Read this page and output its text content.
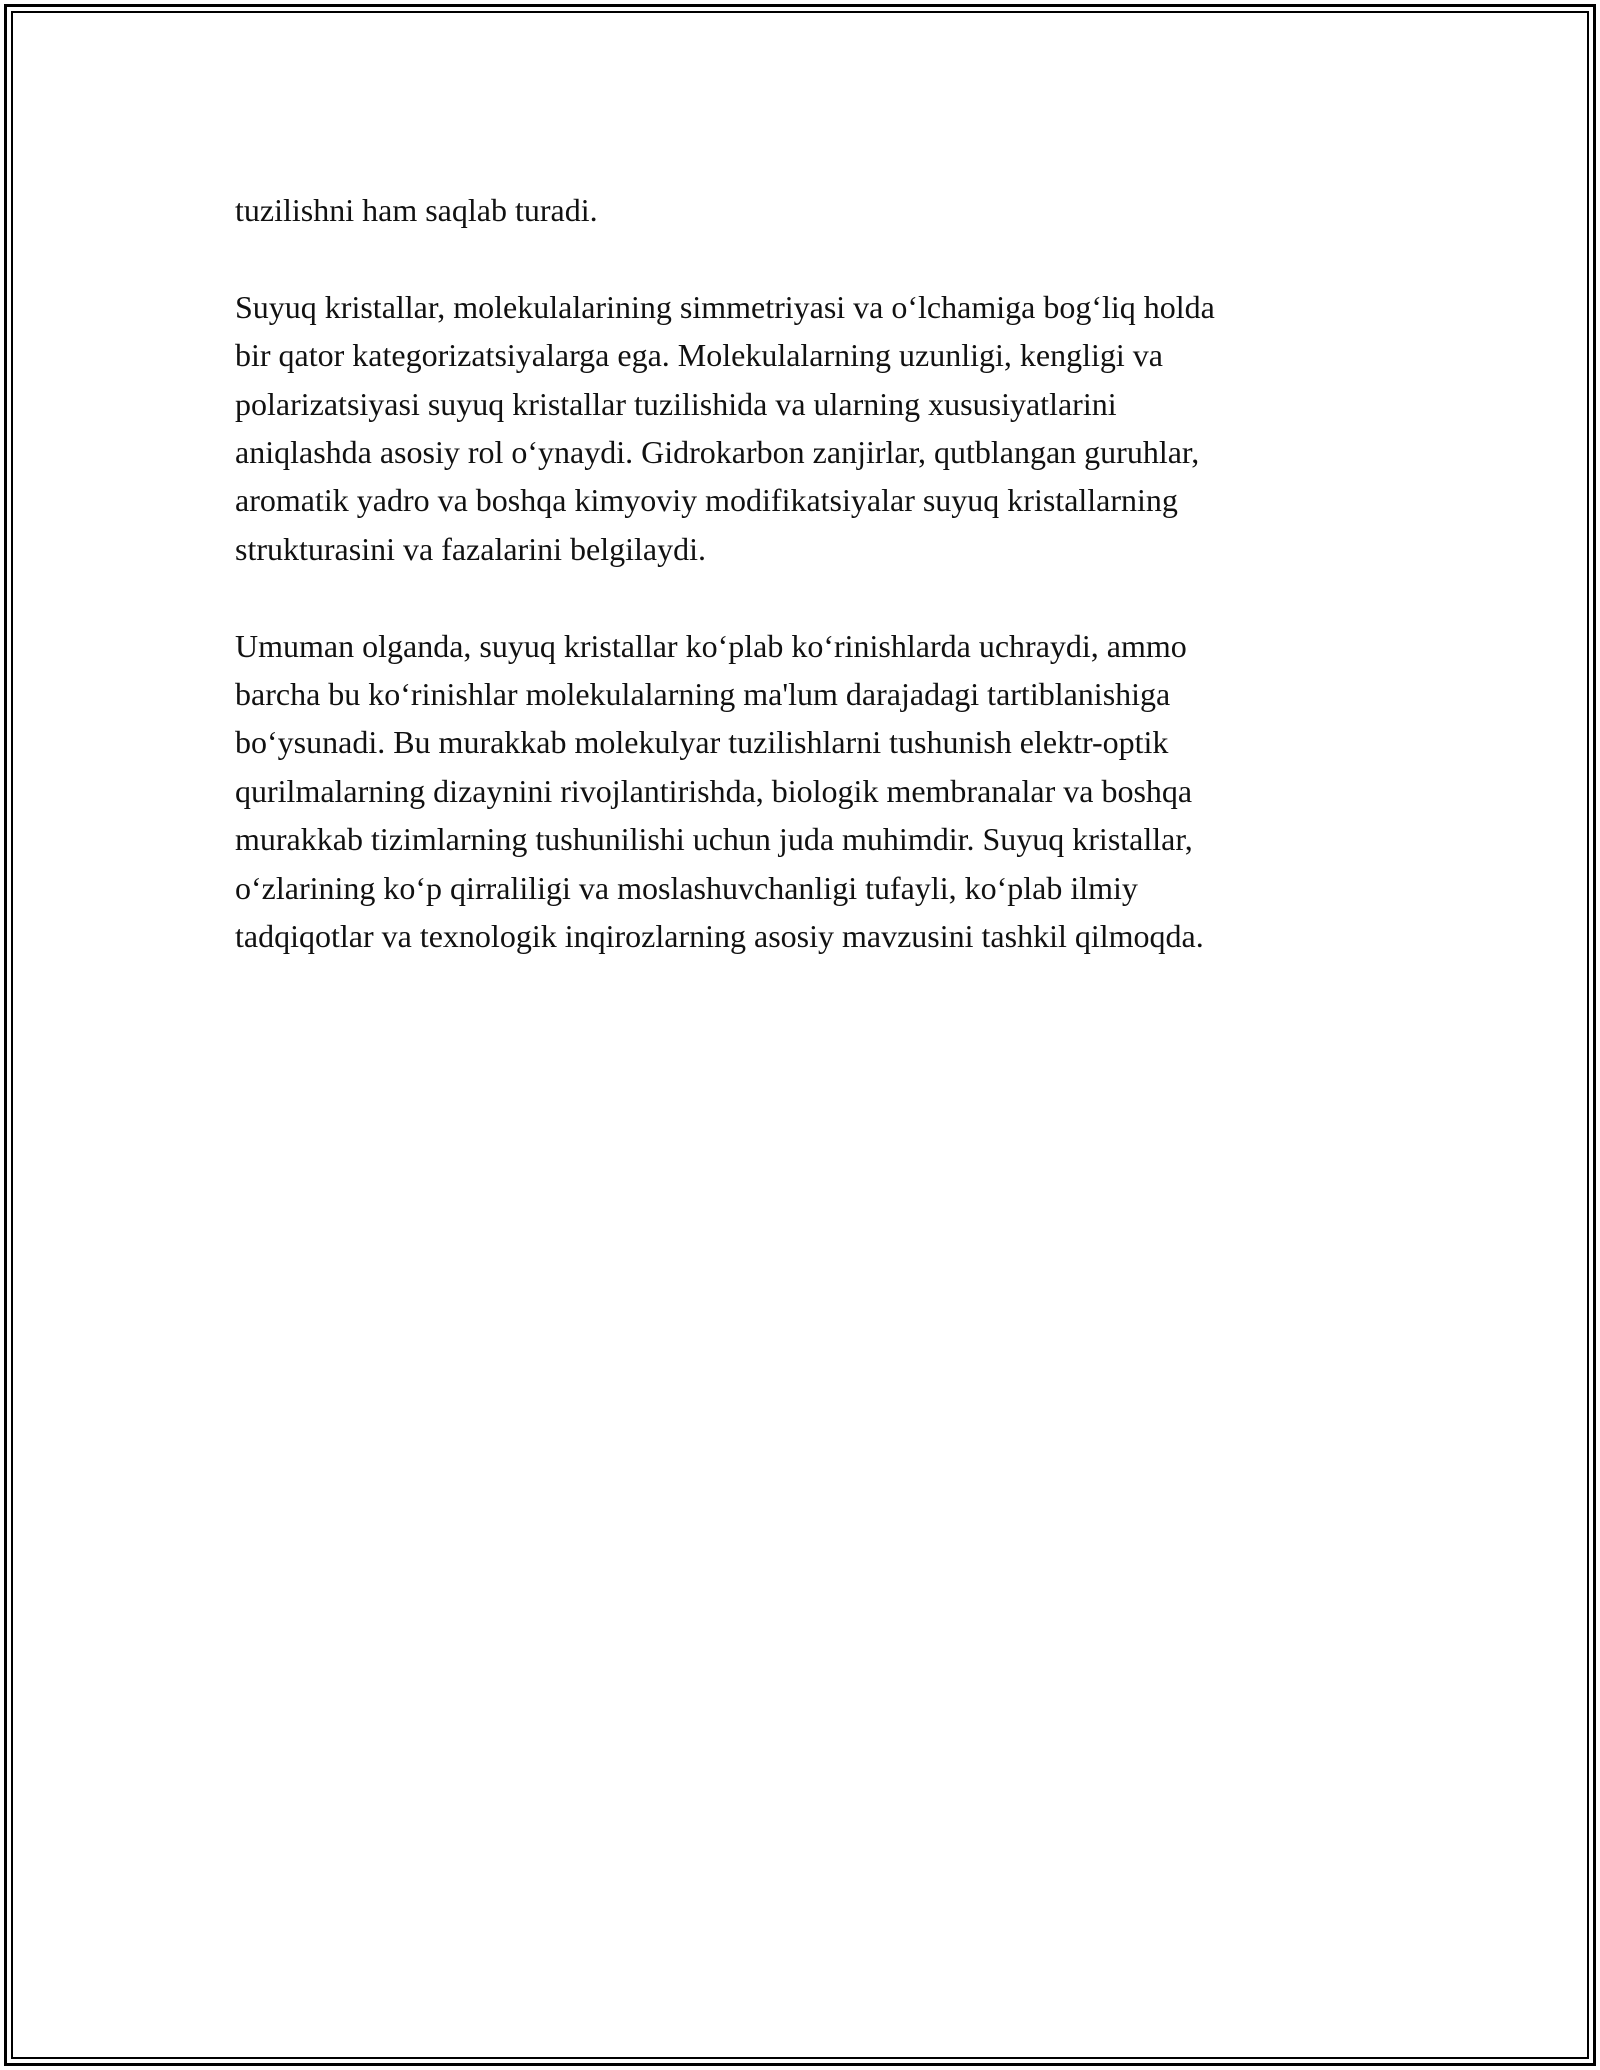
tuzilishni ham saqlab turadi.

Suyuq kristallar, molekulalarining simmetriyasi va o‘lchamiga bog‘liq holda
bir qator kategorizatsiyalarga ega. Molekulalarning uzunligi, kengligi va
polarizatsiyasi suyuq kristallar tuzilishida va ularning xususiyatlarini
aniqlashda asosiy rol o‘ynaydi. Gidrokarbon zanjirlar, qutblangan guruhlar,
aromatik yadro va boshqa kimyoviy modifikatsiyalar suyuq kristallarning
strukturasini va fazalarini belgilaydi.

Umuman olganda, suyuq kristallar ko‘plab ko‘rinishlarda uchraydi, ammo
barcha bu ko‘rinishlar molekulalarning ma'lum darajadagi tartiblanishiga
bo‘ysunadi. Bu murakkab molekulyar tuzilishlarni tushunish elektr-optik
qurilmalarning dizaynini rivojlantirishda, biologik membranalar va boshqa
murakkab tizimlarning tushunilishi uchun juda muhimdir. Suyuq kristallar,
o‘zlarining ko‘p qirraliligi va moslashuvchanligi tufayli, ko‘plab ilmiy
tadqiqotlar va texnologik inqirozlarning asosiy mavzusini tashkil qilmoqda.
